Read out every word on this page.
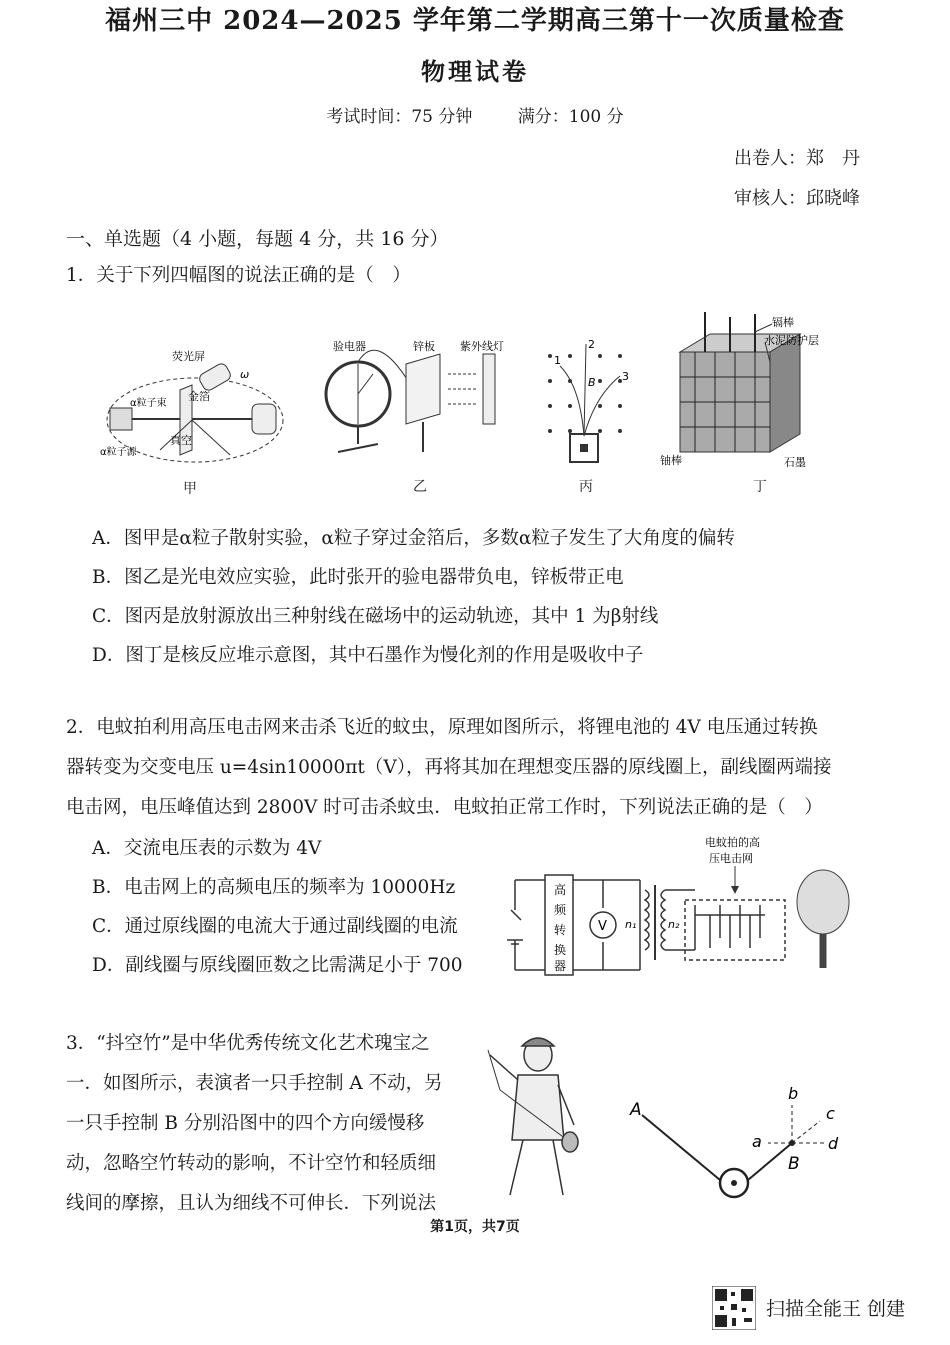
福州三中 2024—2025 学年第二学期高三第十一次质量检查
物理试卷
考试时间：75 分钟	满分：100 分
出卷人：郑　丹
审核人：邱晓峰
一、单选题（4 小题，每题 4 分，共 16 分）
1．关于下列四幅图的说法正确的是（　）
荧光屏
金箔
α粒子束
真空
α粒子源
ω
甲
验电器	锌板 紫外线灯
乙
1
2
3
B
丙
镉棒
水泥防护层
铀棒	石墨
丁
A．图甲是α粒子散射实验，α粒子穿过金箔后，多数α粒子发生了大角度的偏转
B．图乙是光电效应实验，此时张开的验电器带负电，锌板带正电
C．图丙是放射源放出三种射线在磁场中的运动轨迹，其中 1 为β射线
D．图丁是核反应堆示意图，其中石墨作为慢化剂的作用是吸收中子
2．电蚊拍利用高压电击网来击杀飞近的蚊虫，原理如图所示，将锂电池的 4V 电压通过转换
器转变为交变电压 u=4sin10000πt（V），再将其加在理想变压器的原线圈上，副线圈两端接
电击网，电压峰值达到 2800V 时可击杀蚊虫．电蚊拍正常工作时，下列说法正确的是（　）
A．交流电压表的示数为 4V
B．电击网上的高频电压的频率为 10000Hz
C．通过原线圈的电流大于通过副线圈的电流
D．副线圈与原线圈匝数之比需满足小于 700
电蚊拍的高
压电击网
高
频
转
换
器
V n₁	n₂
3．“抖空竹”是中华优秀传统文化艺术瑰宝之
一．如图所示，表演者一只手控制 A 不动，另
一只手控制 B 分别沿图中的四个方向缓慢移
动，忽略空竹转动的影响，不计空竹和轻质细
线间的摩擦，且认为细线不可伸长．下列说法
A
B
a
b
c
d
第1页，共7页
扫描全能王 创建
